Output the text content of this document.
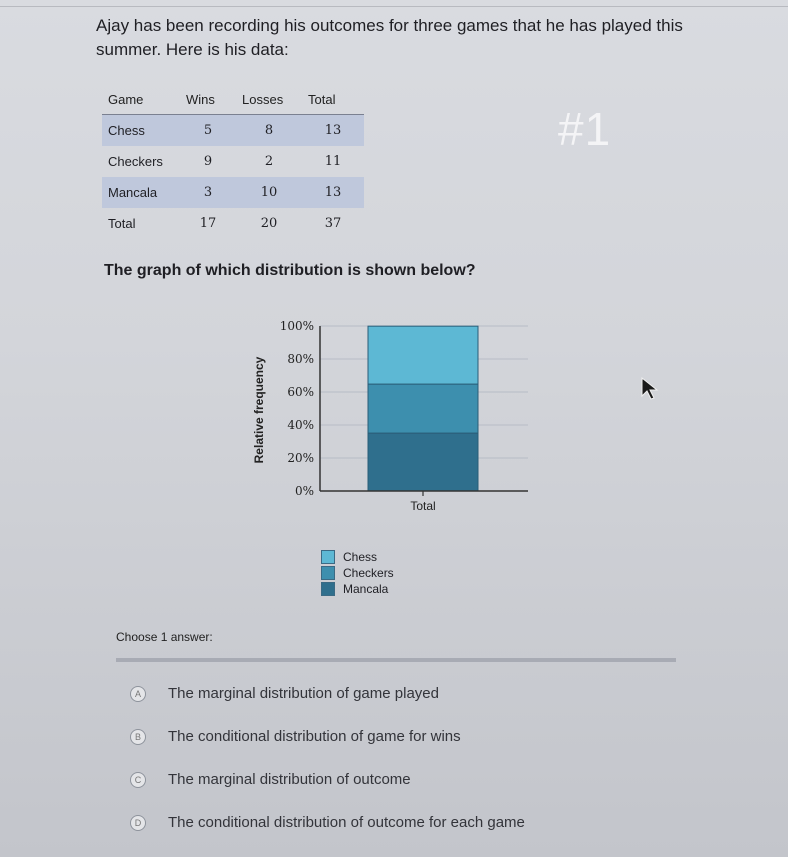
Ajay has been recording his outcomes for three games that he has played this summer. Here is his data:
Game	Wins	Losses	Total
Chess	5	8	13
Checkers	9	2	11
Mancala	3	10	13
Total	17	20	37
#1
The graph of which distribution is shown below?
0%
20%
40%
60%
80%
100%
Total
Relative frequency
Chess
Checkers
Mancala
Choose 1 answer:
A	The marginal distribution of game played
B	The conditional distribution of game for wins
C	The marginal distribution of outcome
D	The conditional distribution of outcome for each game
